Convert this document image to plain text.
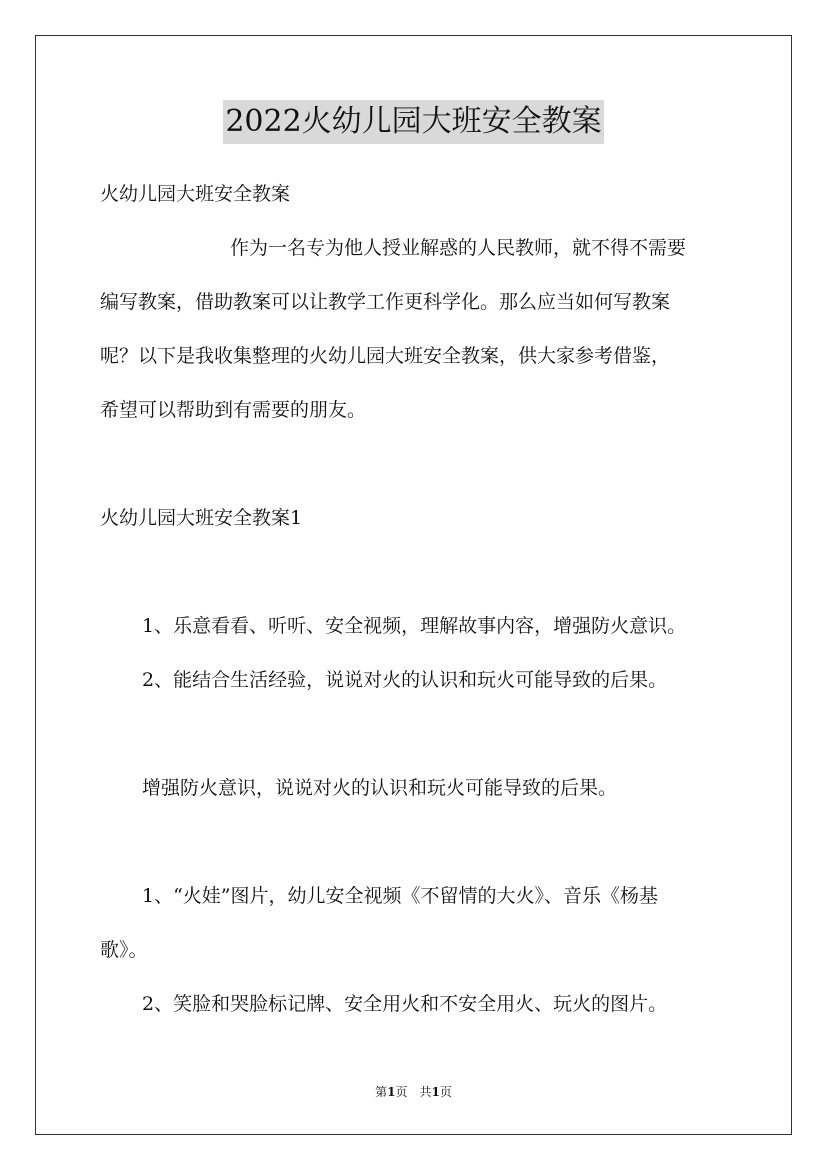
2022火幼儿园大班安全教案
火幼儿园大班安全教案
作为一名专为他人授业解惑的人民教师，就不得不需要
编写教案，借助教案可以让教学工作更科学化。那么应当如何写教案
呢？以下是我收集整理的火幼儿园大班安全教案，供大家参考借鉴，
希望可以帮助到有需要的朋友。
火幼儿园大班安全教案1
1、乐意看看、听听、安全视频，理解故事内容，增强防火意识。
2、能结合生活经验，说说对火的认识和玩火可能导致的后果。
增强防火意识，说说对火的认识和玩火可能导致的后果。
1、“火娃”图片，幼儿安全视频《不留情的大火》、音乐《杨基
歌》。
2、笑脸和哭脸标记牌、安全用火和不安全用火、玩火的图片。
第1页 共1页
